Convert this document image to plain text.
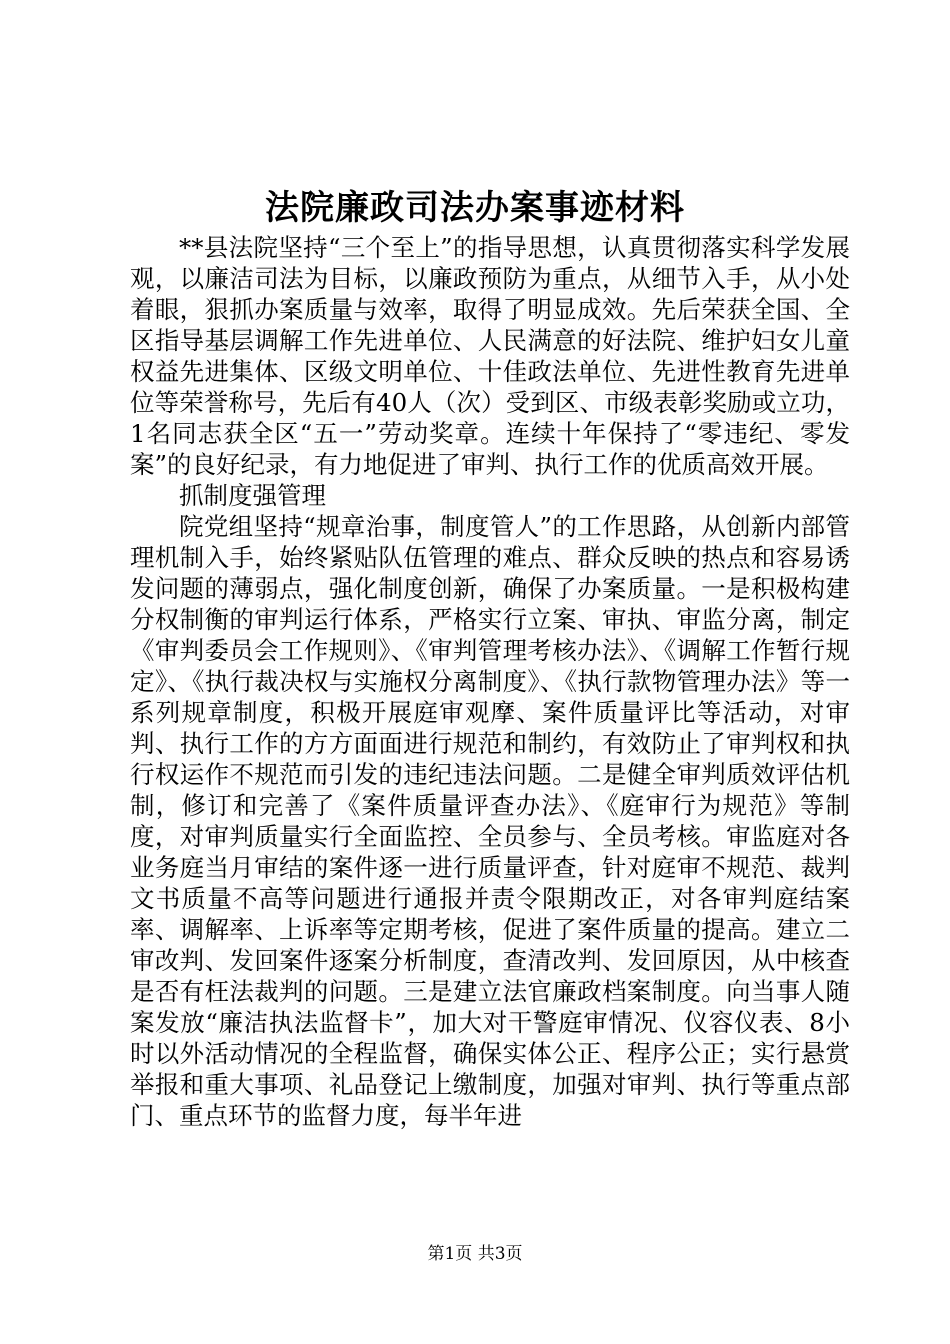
法院廉政司法办案事迹材料

**县法院坚持“三个至上”的指导思想，认真贯彻落实科学发展观，以廉洁司法为目标，以廉政预防为重点，从细节入手，从小处着眼，狠抓办案质量与效率，取得了明显成效。先后荣获全国、全区指导基层调解工作先进单位、人民满意的好法院、维护妇女儿童权益先进集体、区级文明单位、十佳政法单位、先进性教育先进单位等荣誉称号，先后有40人（次）受到区、市级表彰奖励或立功，1名同志获全区“五一”劳动奖章。连续十年保持了“零违纪、零发案”的良好纪录，有力地促进了审判、执行工作的优质高效开展。

抓制度强管理

院党组坚持“规章治事，制度管人”的工作思路，从创新内部管理机制入手，始终紧贴队伍管理的难点、群众反映的热点和容易诱发问题的薄弱点，强化制度创新，确保了办案质量。一是积极构建分权制衡的审判运行体系，严格实行立案、审执、审监分离，制定《审判委员会工作规则》、《审判管理考核办法》、《调解工作暂行规定》、《执行裁决权与实施权分离制度》、《执行款物管理办法》等一系列规章制度，积极开展庭审观摩、案件质量评比等活动，对审判、执行工作的方方面面进行规范和制约，有效防止了审判权和执行权运作不规范而引发的违纪违法问题。二是健全审判质效评估机制，修订和完善了《案件质量评查办法》、《庭审行为规范》等制度，对审判质量实行全面监控、全员参与、全员考核。审监庭对各业务庭当月审结的案件逐一进行质量评查，针对庭审不规范、裁判文书质量不高等问题进行通报并责令限期改正，对各审判庭结案率、调解率、上诉率等定期考核，促进了案件质量的提高。建立二审改判、发回案件逐案分析制度，查清改判、发回原因，从中核查是否有枉法裁判的问题。三是建立法官廉政档案制度。向当事人随案发放“廉洁执法监督卡”，加大对干警庭审情况、仪容仪表、8小时以外活动情况的全程监督，确保实体公正、程序公正；实行悬赏举报和重大事项、礼品登记上缴制度，加强对审判、执行等重点部门、重点环节的监督力度，每半年进

第1页 共3页
